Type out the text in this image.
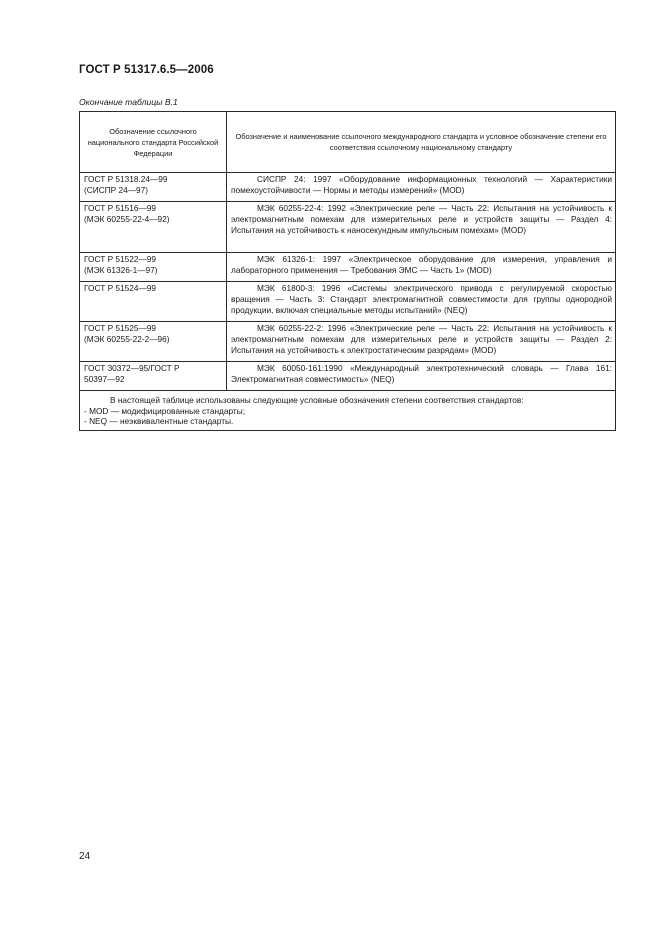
ГОСТ Р 51317.6.5—2006
Окончание таблицы В.1
Обозначение ссылочного национального стандарта Российской Федерации	Обозначение и наименование ссылочного международного стандарта и условное обозначение степени его соответствия ссылочному национальному стандарту
ГОСТ Р 51318.24—99
(СИСПР 24—97)	СИСПР 24: 1997 «Оборудование информационных технологий — Характеристики помехоустойчивости — Нормы и методы измерений» (MOD)
ГОСТ Р 51516—99
(МЭК 60255-22-4—92)	МЭК 60255-22-4: 1992 «Электрические реле — Часть 22: Испытания на устойчивость к электромагнитным помехам для измерительных реле и устройств защиты — Раздел 4: Испытания на устойчивость к наносекундным импульсным помехам» (MOD)
ГОСТ Р 51522—99
(МЭК 61326-1—97)	МЭК 61326-1: 1997 «Электрическое оборудование для измерения, управления и лабораторного применения — Требования ЭМС — Часть 1» (MOD)
ГОСТ Р 51524—99	МЭК 61800-3: 1996 «Системы электрического привода с регулируемой скоростью вращения — Часть 3: Стандарт электромагнитной совместимости для группы однородной продукции, включая специальные методы испытаний» (NEQ)
ГОСТ Р 51525—99
(МЭК 60255-22-2—96)	МЭК 60255-22-2: 1996 «Электрические реле — Часть 22: Испытания на устойчивость к электромагнитным помехам для измерительных реле и устройств защиты — Раздел 2: Испытания на устойчивость к электростатическим разрядам» (MOD)
ГОСТ 30372—95/ГОСТ Р
50397—92	МЭК 60050-161:1990 «Международный электротехнический словарь — Глава 161: Электромагнитная совместимость» (NEQ)

В настоящей таблице использованы следующие условные обозначения степени соответствия стандартов:
- MOD — модифицированные стандарты;
- NEQ — неэквивалентные стандарты.	
24
